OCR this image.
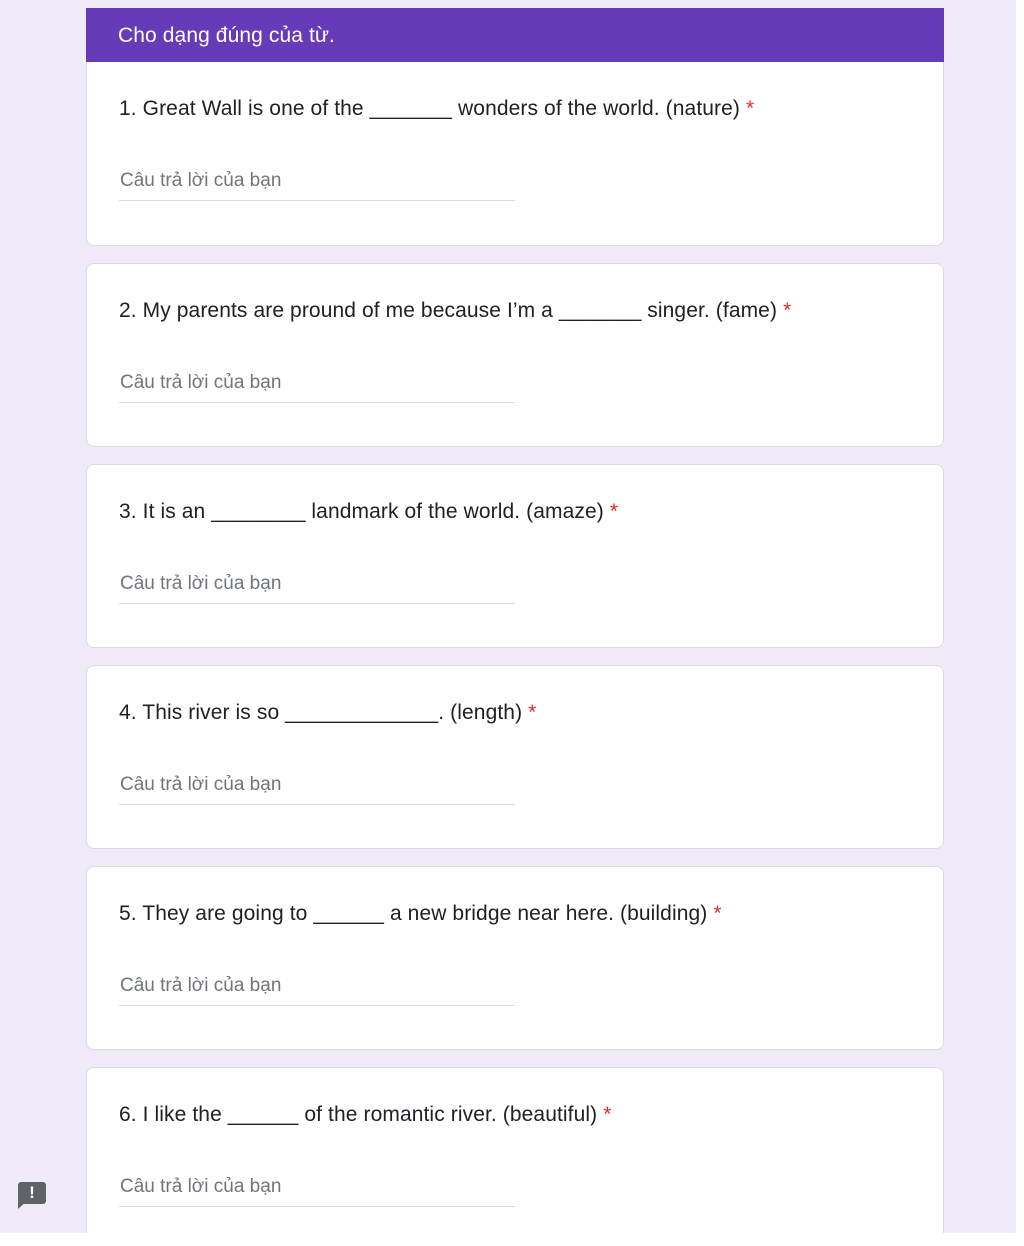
Cho dạng đúng của từ.
1. Great Wall is one of the _______ wonders of the world. (nature) *
Câu trả lời của bạn
2. My parents are pround of me because I’m a _______ singer. (fame) *
Câu trả lời của bạn
3. It is an ________ landmark of the world. (amaze) *
Câu trả lời của bạn
4. This river is so _____________. (length) *
Câu trả lời của bạn
5. They are going to ______ a new bridge near here. (building) *
Câu trả lời của bạn
6. I like the ______ of the romantic river. (beautiful) *
Câu trả lời của bạn
!
